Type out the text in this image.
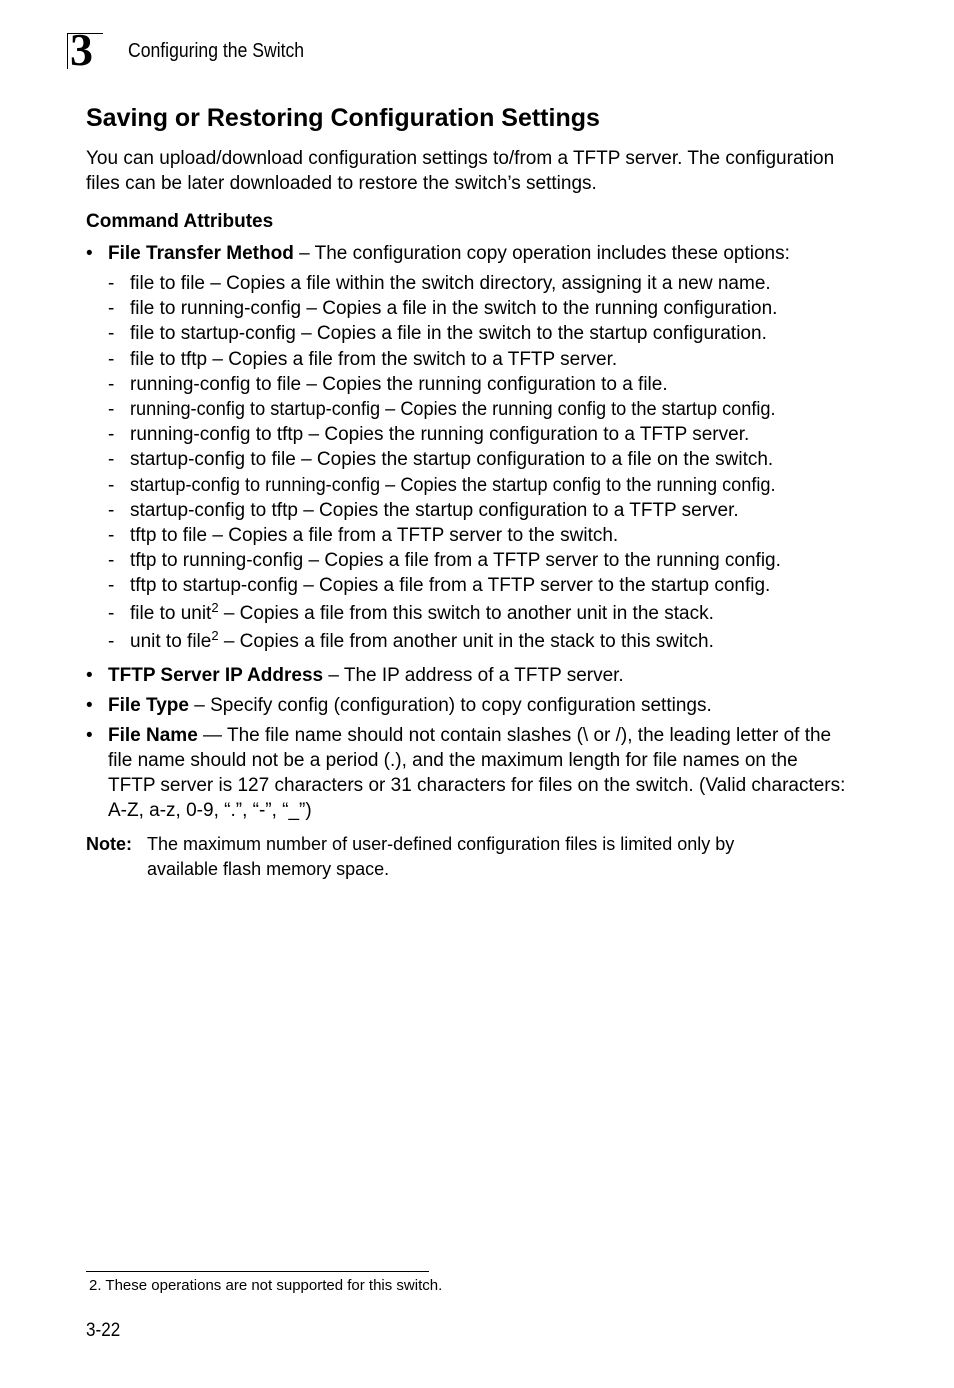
3 Configuring the Switch
Saving or Restoring Configuration Settings

You can upload/download configuration settings to/from a TFTP server. The configuration files can be later downloaded to restore the switch’s settings.

Command Attributes

• File Transfer Method – The configuration copy operation includes these options:
- file to file – Copies a file within the switch directory, assigning it a new name.
- file to running-config – Copies a file in the switch to the running configuration.
- file to startup-config – Copies a file in the switch to the startup configuration.
- file to tftp – Copies a file from the switch to a TFTP server.
- running-config to file – Copies the running configuration to a file.
- running-config to startup-config – Copies the running config to the startup config.
- running-config to tftp – Copies the running configuration to a TFTP server.
- startup-config to file – Copies the startup configuration to a file on the switch.
- startup-config to running-config – Copies the startup config to the running config.
- startup-config to tftp – Copies the startup configuration to a TFTP server.
- tftp to file – Copies a file from a TFTP server to the switch.
- tftp to running-config – Copies a file from a TFTP server to the running config.
- tftp to startup-config – Copies a file from a TFTP server to the startup config.
- file to unit$^2$ – Copies a file from this switch to another unit in the stack.
- unit to file$^2$ – Copies a file from another unit in the stack to this switch.
• TFTP Server IP Address – The IP address of a TFTP server.
• File Type – Specify config (configuration) to copy configuration settings.
• File Name — The file name should not contain slashes (\ or /), the leading letter of the file name should not be a period (.), and the maximum length for file names on the TFTP server is 127 characters or 31 characters for files on the switch. (Valid characters: A-Z, a-z, 0-9, “.”, “-”, “_”)
Note: The maximum number of user-defined configuration files is limited only by available flash memory space.
2. These operations are not supported for this switch.
3-22
